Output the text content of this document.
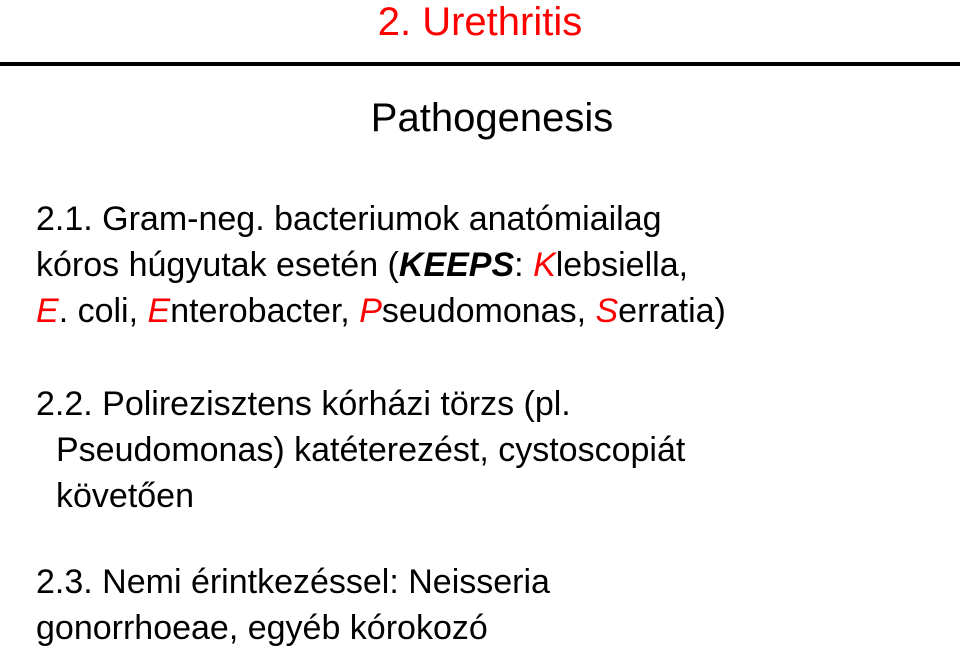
2. Urethritis
Pathogenesis
2.1. Gram-neg. bacteriumok anatómiailag
kóros húgyutak esetén (KEEPS: Klebsiella,
E. coli, Enterobacter, Pseudomonas, Serratia)
2.2. Polirezisztens kórházi törzs (pl.
Pseudomonas) katéterezést, cystoscopiát
követően
2.3. Nemi érintkezéssel: Neisseria
gonorrhoeae, egyéb kórokozó
